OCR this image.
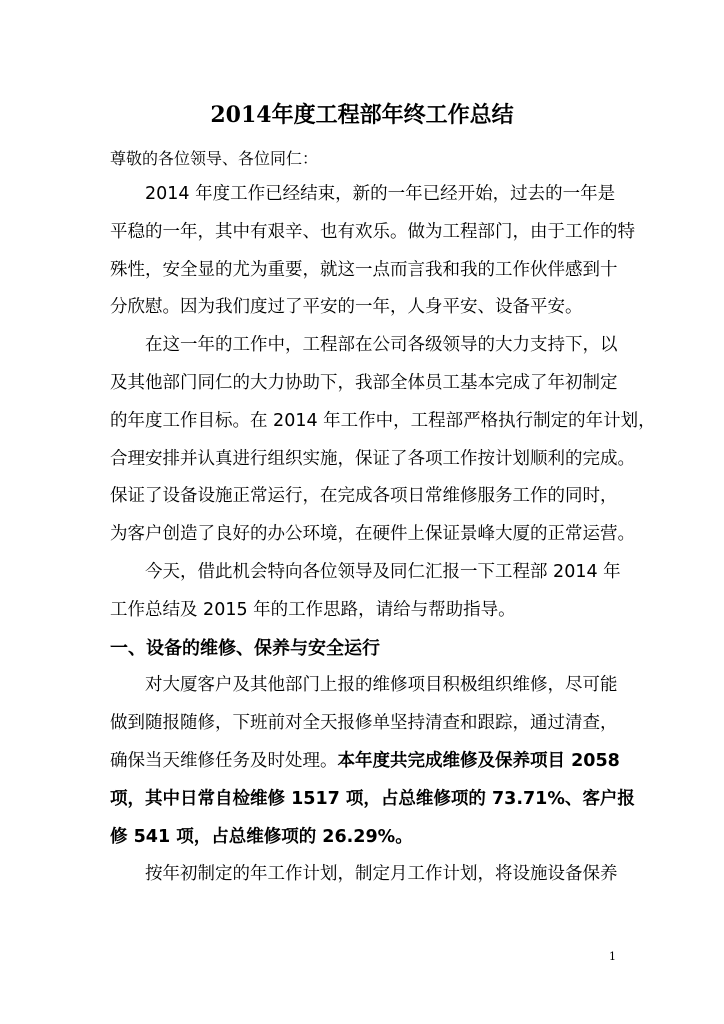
2014年度工程部年终工作总结
尊敬的各位领导、各位同仁：
2014 年度工作已经结束，新的一年已经开始，过去的一年是
平稳的一年，其中有艰辛、也有欢乐。做为工程部门，由于工作的特
殊性，安全显的尤为重要，就这一点而言我和我的工作伙伴感到十
分欣慰。因为我们度过了平安的一年，人身平安、设备平安。
在这一年的工作中，工程部在公司各级领导的大力支持下，以
及其他部门同仁的大力协助下，我部全体员工基本完成了年初制定
的年度工作目标。在 2014 年工作中，工程部严格执行制定的年计划，
合理安排并认真进行组织实施，保证了各项工作按计划顺利的完成。
保证了设备设施正常运行，在完成各项日常维修服务工作的同时，
为客户创造了良好的办公环境，在硬件上保证景峰大厦的正常运营。
今天，借此机会特向各位领导及同仁汇报一下工程部 2014 年
工作总结及 2015 年的工作思路，请给与帮助指导。
一、设备的维修、保养与安全运行
对大厦客户及其他部门上报的维修项目积极组织维修，尽可能
做到随报随修，下班前对全天报修单坚持清查和跟踪，通过清查，
确保当天维修任务及时处理。本年度共完成维修及保养项目 2058
项，其中日常自检维修 1517 项，占总维修项的 73.71%、客户报
修 541 项，占总维修项的 26.29%。
按年初制定的年工作计划，制定月工作计划，将设施设备保养
1
